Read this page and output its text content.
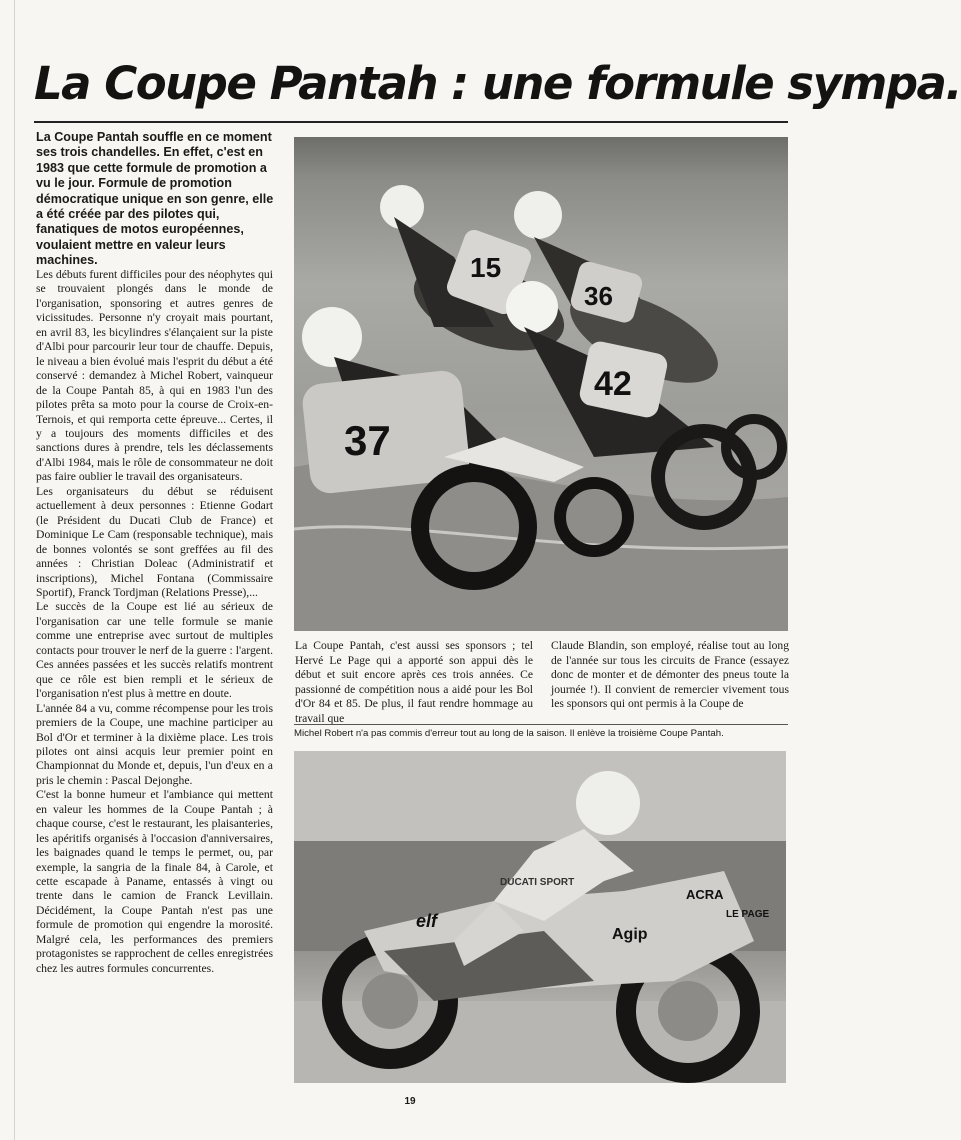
La Coupe Pantah : une formule sympa.

La Coupe Pantah souffle en ce moment ses trois chandelles. En effet, c'est en 1983 que cette formule de promotion a vu le jour. Formule de promotion démocratique unique en son genre, elle a été créée par des pilotes qui, fanatiques de motos européennes, voulaient mettre en valeur leurs machines.

Les débuts furent difficiles pour des néophytes qui se trouvaient plongés dans le monde de l'organisation, sponsoring et autres genres de vicissitudes. Personne n'y croyait mais pourtant, en avril 83, les bicylindres s'élançaient sur la piste d'Albi pour parcourir leur tour de chauffe. Depuis, le niveau a bien évolué mais l'esprit du début a été conservé : demandez à Michel Robert, vainqueur de la Coupe Pantah 85, à qui en 1983 l'un des pilotes prêta sa moto pour la course de Croix-en-Ternois, et qui remporta cette épreuve... Certes, il y a toujours des moments difficiles et des sanctions dures à prendre, tels les déclassements d'Albi 1984, mais le rôle de consommateur ne doit pas faire oublier le travail des organisateurs.

Les organisateurs du début se réduisent actuellement à deux personnes : Etienne Godart (le Président du Ducati Club de France) et Dominique Le Cam (responsable technique), mais de bonnes volontés se sont greffées au fil des années : Christian Doleac (Administratif et inscriptions), Michel Fontana (Commissaire Sportif), Franck Tordjman (Relations Presse),...

Le succès de la Coupe est lié au sérieux de l'organisation car une telle formule se manie comme une entreprise avec surtout de multiples contacts pour trouver le nerf de la guerre : l'argent. Ces années passées et les succès relatifs montrent que ce rôle est bien rempli et le sérieux de l'organisation n'est plus à mettre en doute.

L'année 84 a vu, comme récompense pour les trois premiers de la Coupe, une machine participer au Bol d'Or et terminer à la dixième place. Les trois pilotes ont ainsi acquis leur premier point en Championnat du Monde et, depuis, l'un d'eux en a pris le chemin : Pascal Dejonghe.

C'est la bonne humeur et l'ambiance qui mettent en valeur les hommes de la Coupe Pantah ; à chaque course, c'est le restaurant, les plaisanteries, les apéritifs organisés à l'occasion d'anniversaires, les baignades quand le temps le permet, ou, par exemple, la sangria de la finale 84, à Carole, et cette escapade à Paname, entassés à vingt ou trente dans le camion de Franck Levillain. Décidément, la Coupe Pantah n'est pas une formule de promotion qui engendre la morosité. Malgré cela, les performances des premiers protagonistes se rapprochent de celles enregistrées chez les autres formules concurrentes.

15
36
42
37

La Coupe Pantah, c'est aussi ses sponsors ; tel Hervé Le Page qui a apporté son appui dès le début et suit encore après ces trois années. Ce passionné de compétition nous a aidé pour les Bol d'Or 84 et 85. De plus, il faut rendre hommage au travail que

Claude Blandin, son employé, réalise tout au long de l'année sur tous les circuits de France (essayez donc de monter et de démonter des pneus toute la journée !). Il convient de remercier vivement tous les sponsors qui ont permis à la Coupe de

Michel Robert n'a pas commis d'erreur tout au long de la saison. Il enlève la troisième Coupe Pantah.

elf
Agip
ACRA
LE PAGE
DUCATI SPORT

19
